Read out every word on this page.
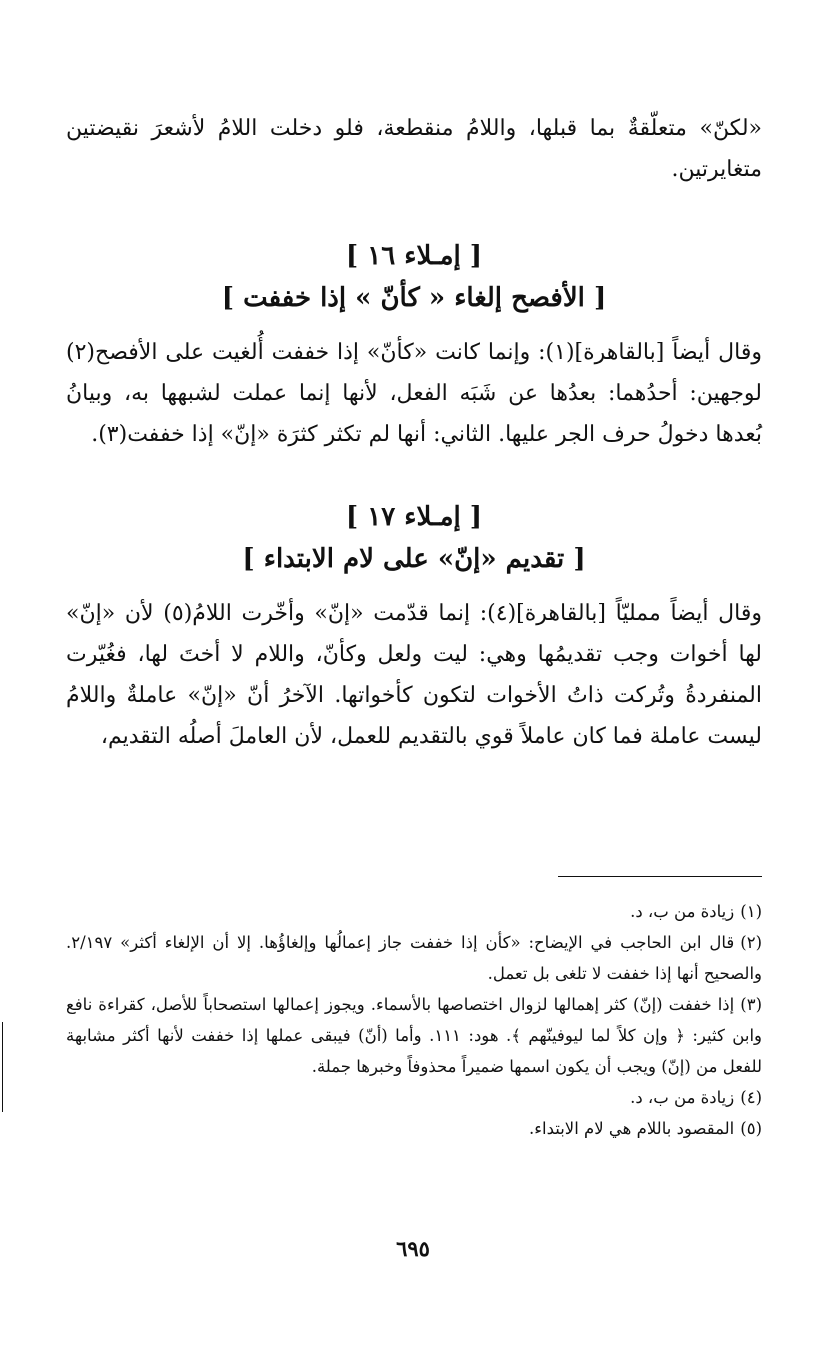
«لكنّ» متعلّقةٌ بما قبلها، واللامُ منقطعة، فلو دخلت اللامُ لأشعرَ نقيضتين متغايرتين.

[ إمـلاء ١٦ ]

[ الأفصح إلغاء « كأنّ » إذا خففت ]

وقال أيضاً [بالقاهرة](١): وإنما كانت «كأنّ» إذا خففت أُلغيت على الأفصح(٢) لوجهين: أحدُهما: بعدُها عن شَبَه الفعل، لأنها إنما عملت لشبهها به، وبيانُ بُعدها دخولُ حرف الجر عليها. الثاني: أنها لم تكثر كثرَة «إنّ» إذا خففت(٣).

[ إمـلاء ١٧ ]

[ تقديم «إنّ» على لام الابتداء ]

وقال أيضاً ممليّاً [بالقاهرة](٤): إنما قدّمت «إنّ» وأخّرت اللامُ(٥) لأن «إنّ» لها أخوات وجب تقديمُها وهي: ليت ولعل وكأنّ، واللام لا أختَ لها، فغُيّرت المنفردةُ وتُركت ذاتُ الأخوات لتكون كأخواتها. الآخرُ أنّ «إنّ» عاملةٌ واللامُ ليست عاملة فما كان عاملاً قوي بالتقديم للعمل، لأن العاملَ أصلُه التقديم،

(١)زيادة من ب، د.

(٢)قال ابن الحاجب في الإيضاح: «كأن إذا خففت جاز إعمالُها وإلغاؤُها. إلا أن الإلغاء أكثر» ٢/١٩٧. والصحيح أنها إذا خففت لا تلغى بل تعمل.

(٣)إذا خففت (إنّ) كثر إهمالها لزوال اختصاصها بالأسماء. ويجوز إعمالها استصحاباً للأصل، كقراءة نافع وابن كثير: ﴿ وإن كلاً لما ليوفينّهم ﴾. هود: ١١١. وأما (أنّ) فيبقى عملها إذا خففت لأنها أكثر مشابهة للفعل من (إنّ) ويجب أن يكون اسمها ضميراً محذوفاً وخبرها جملة.

(٤)زيادة من ب، د.

(٥)المقصود باللام هي لام الابتداء.

٦٩٥
